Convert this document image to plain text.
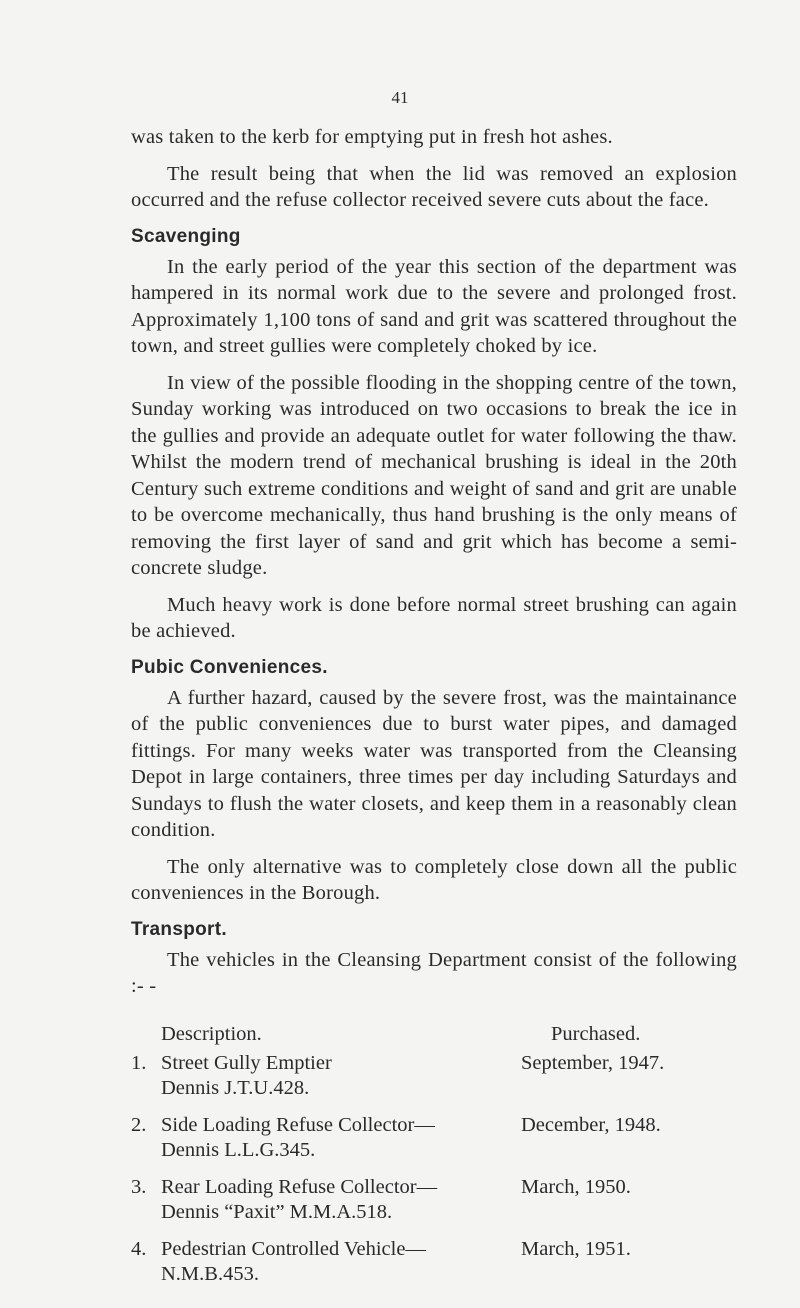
41

was taken to the kerb for emptying put in fresh hot ashes.

The result being that when the lid was removed an explosion occurred and the refuse collector received severe cuts about the face.

Scavenging

In the early period of the year this section of the department was hampered in its normal work due to the severe and prolonged frost. Approximately 1,100 tons of sand and grit was scattered throughout the town, and street gullies were completely choked by ice.

In view of the possible flooding in the shopping centre of the town, Sunday working was introduced on two occasions to break the ice in the gullies and provide an adequate outlet for water following the thaw. Whilst the modern trend of mechanical brushing is ideal in the 20th Century such extreme conditions and weight of sand and grit are unable to be overcome mechanically, thus hand brushing is the only means of removing the first layer of sand and grit which has become a semi-concrete sludge.

Much heavy work is done before normal street brushing can again be achieved.

Pubic Conveniences.

A further hazard, caused by the severe frost, was the maintainance of the public conveniences due to burst water pipes, and damaged fittings. For many weeks water was transported from the Cleansing Depot in large containers, three times per day including Saturdays and Sundays to flush the water closets, and keep them in a reasonably clean condition.

The only alternative was to completely close down all the public conveniences in the Borough.

Transport.

The vehicles in the Cleansing Department consist of the following :- -

Description.	Purchased.
1. Street Gully Emptier
Dennis J.T.U.428.
September, 1947.
2. Side Loading Refuse Collector—
Dennis L.L.G.345.
December, 1948.
3. Rear Loading Refuse Collector—
Dennis “Paxit” M.M.A.518.
March, 1950.
4. Pedestrian Controlled Vehicle—
N.M.B.453.
March, 1951.
